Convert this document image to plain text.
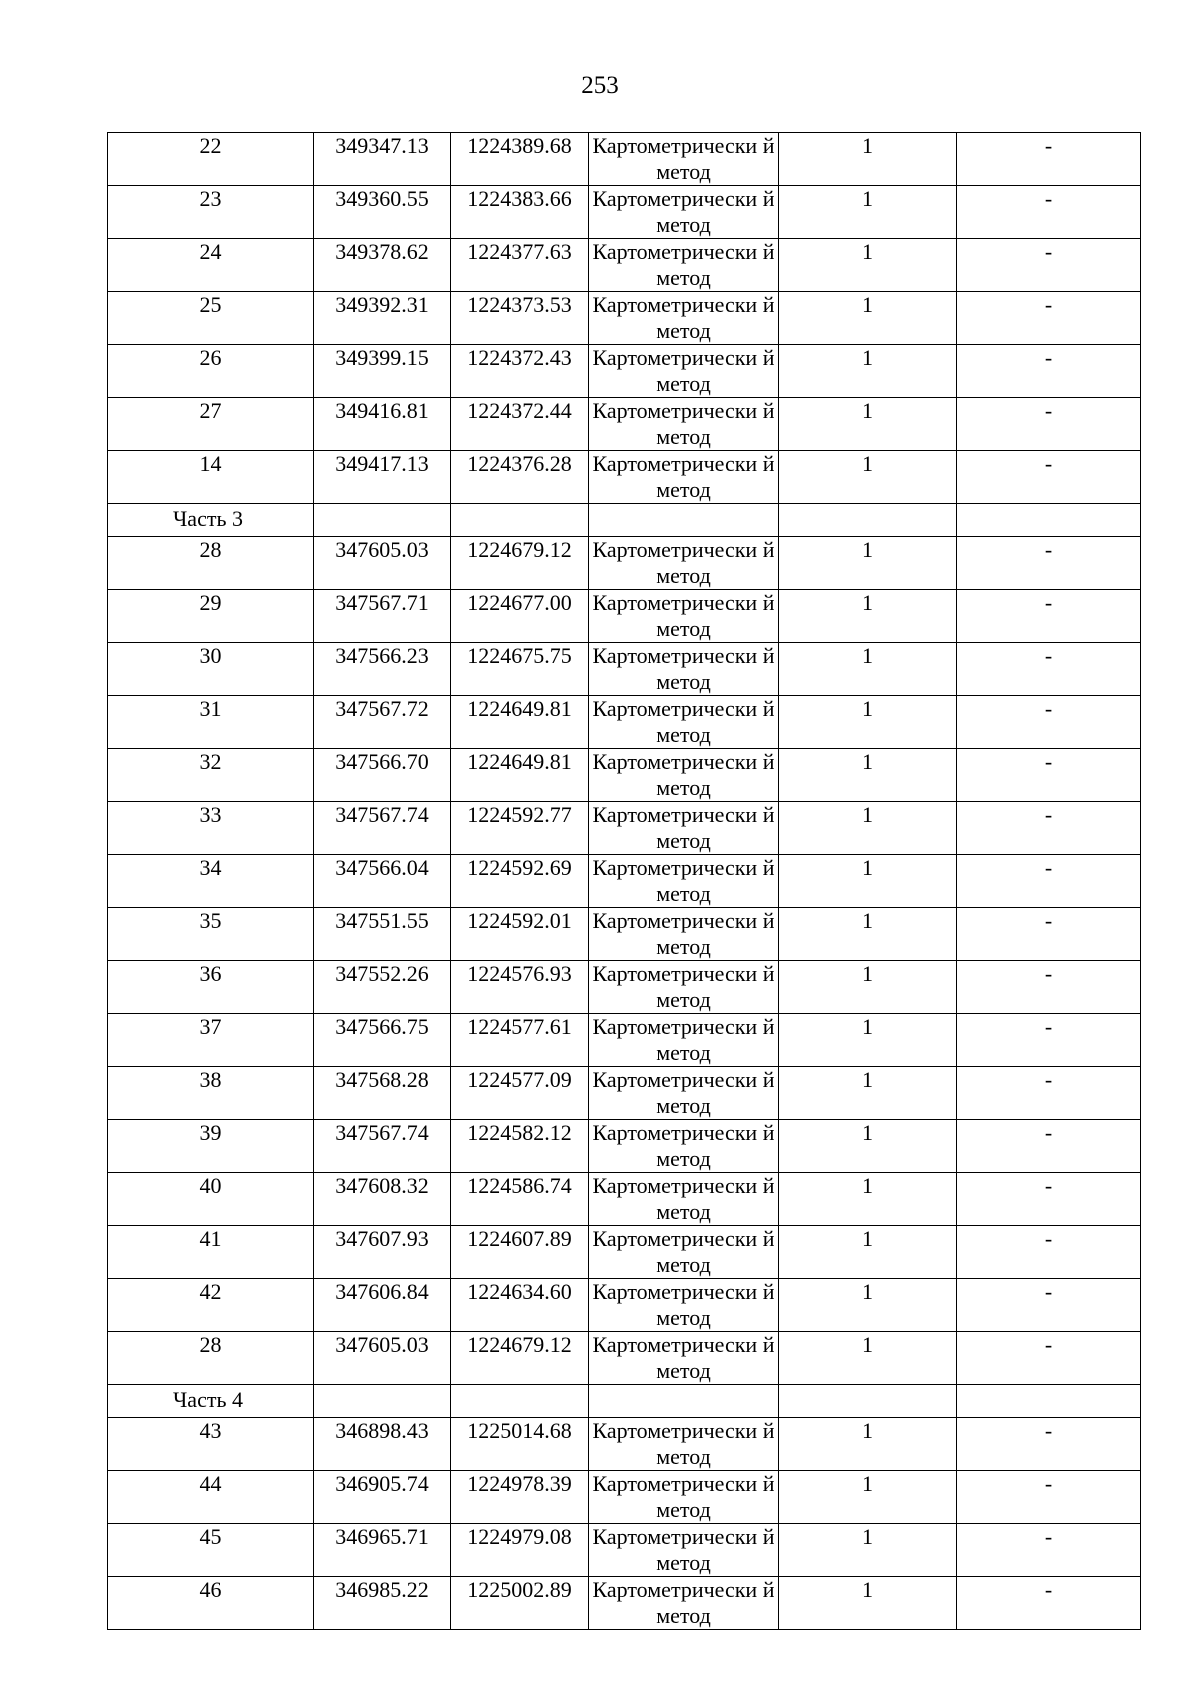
253
22	349347.13	1224389.68	Картометрически й метод	1	-
23	349360.55	1224383.66	Картометрически й метод	1	-
24	349378.62	1224377.63	Картометрически й метод	1	-
25	349392.31	1224373.53	Картометрически й метод	1	-
26	349399.15	1224372.43	Картометрически й метод	1	-
27	349416.81	1224372.44	Картометрически й метод	1	-
14	349417.13	1224376.28	Картометрически й метод	1	-
Часть 3					
28	347605.03	1224679.12	Картометрически й метод	1	-
29	347567.71	1224677.00	Картометрически й метод	1	-
30	347566.23	1224675.75	Картометрически й метод	1	-
31	347567.72	1224649.81	Картометрически й метод	1	-
32	347566.70	1224649.81	Картометрически й метод	1	-
33	347567.74	1224592.77	Картометрически й метод	1	-
34	347566.04	1224592.69	Картометрически й метод	1	-
35	347551.55	1224592.01	Картометрически й метод	1	-
36	347552.26	1224576.93	Картометрически й метод	1	-
37	347566.75	1224577.61	Картометрически й метод	1	-
38	347568.28	1224577.09	Картометрически й метод	1	-
39	347567.74	1224582.12	Картометрически й метод	1	-
40	347608.32	1224586.74	Картометрически й метод	1	-
41	347607.93	1224607.89	Картометрически й метод	1	-
42	347606.84	1224634.60	Картометрически й метод	1	-
28	347605.03	1224679.12	Картометрически й метод	1	-
Часть 4					
43	346898.43	1225014.68	Картометрически й метод	1	-
44	346905.74	1224978.39	Картометрически й метод	1	-
45	346965.71	1224979.08	Картометрически й метод	1	-
46	346985.22	1225002.89	Картометрически й метод	1	-
